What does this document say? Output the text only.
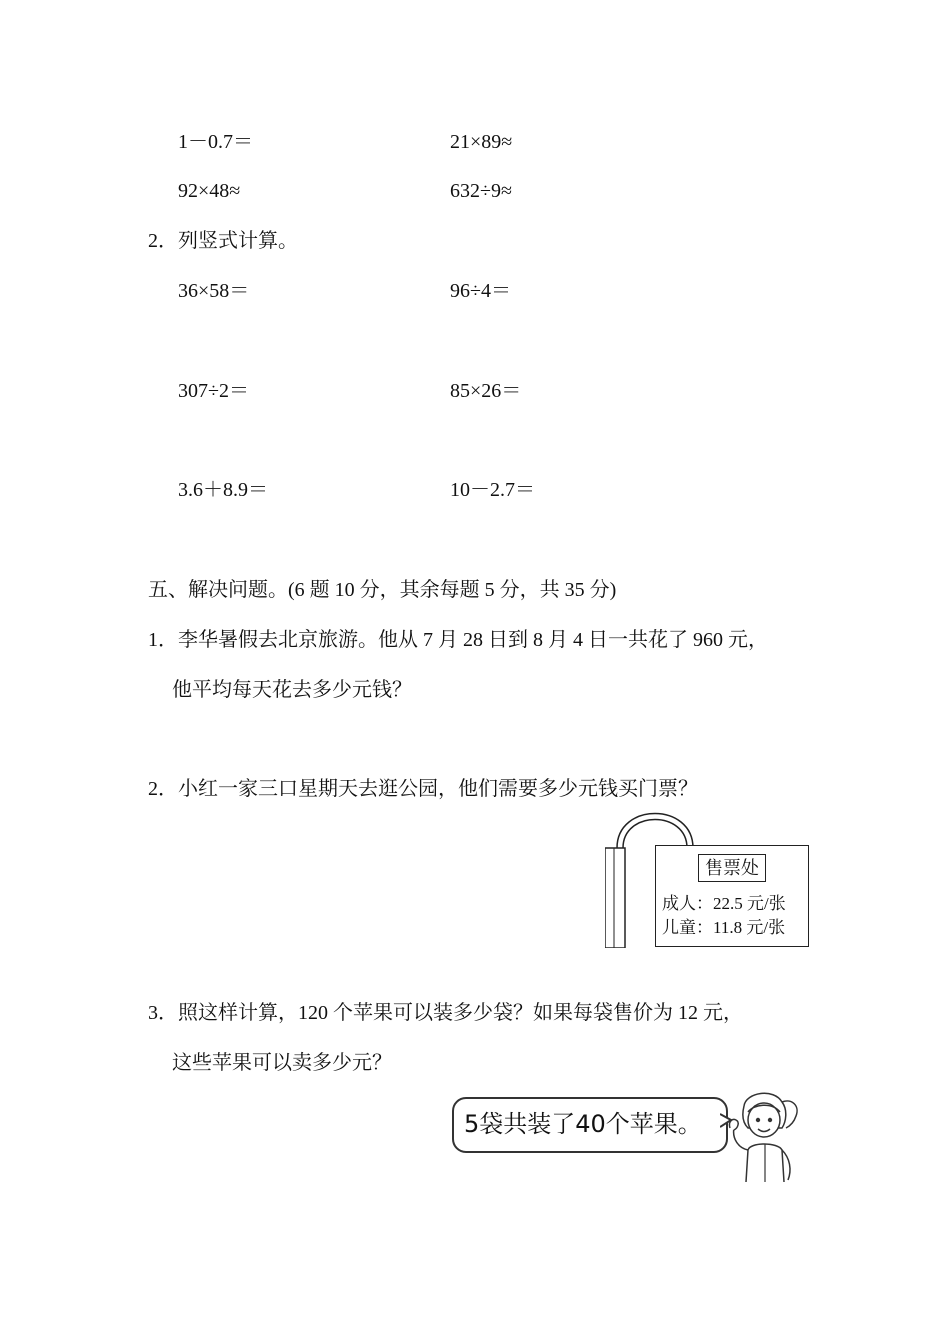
1－0.7＝	21×89≈
92×48≈	632÷9≈
2．列竖式计算。
36×58＝	96÷4＝
307÷2＝	85×26＝
3.6＋8.9＝	10－2.7＝
五、解决问题。(6 题 10 分，其余每题 5 分，共 35 分)
1．李华暑假去北京旅游。他从 7 月 28 日到 8 月 4 日一共花了 960 元，
他平均每天花去多少元钱？
2．小红一家三口星期天去逛公园，他们需要多少元钱买门票？
售票处
成人：22.5 元/张
儿童：11.8 元/张
3．照这样计算，120 个苹果可以装多少袋？如果每袋售价为 12 元，
这些苹果可以卖多少元？
5袋共装了40个苹果。
